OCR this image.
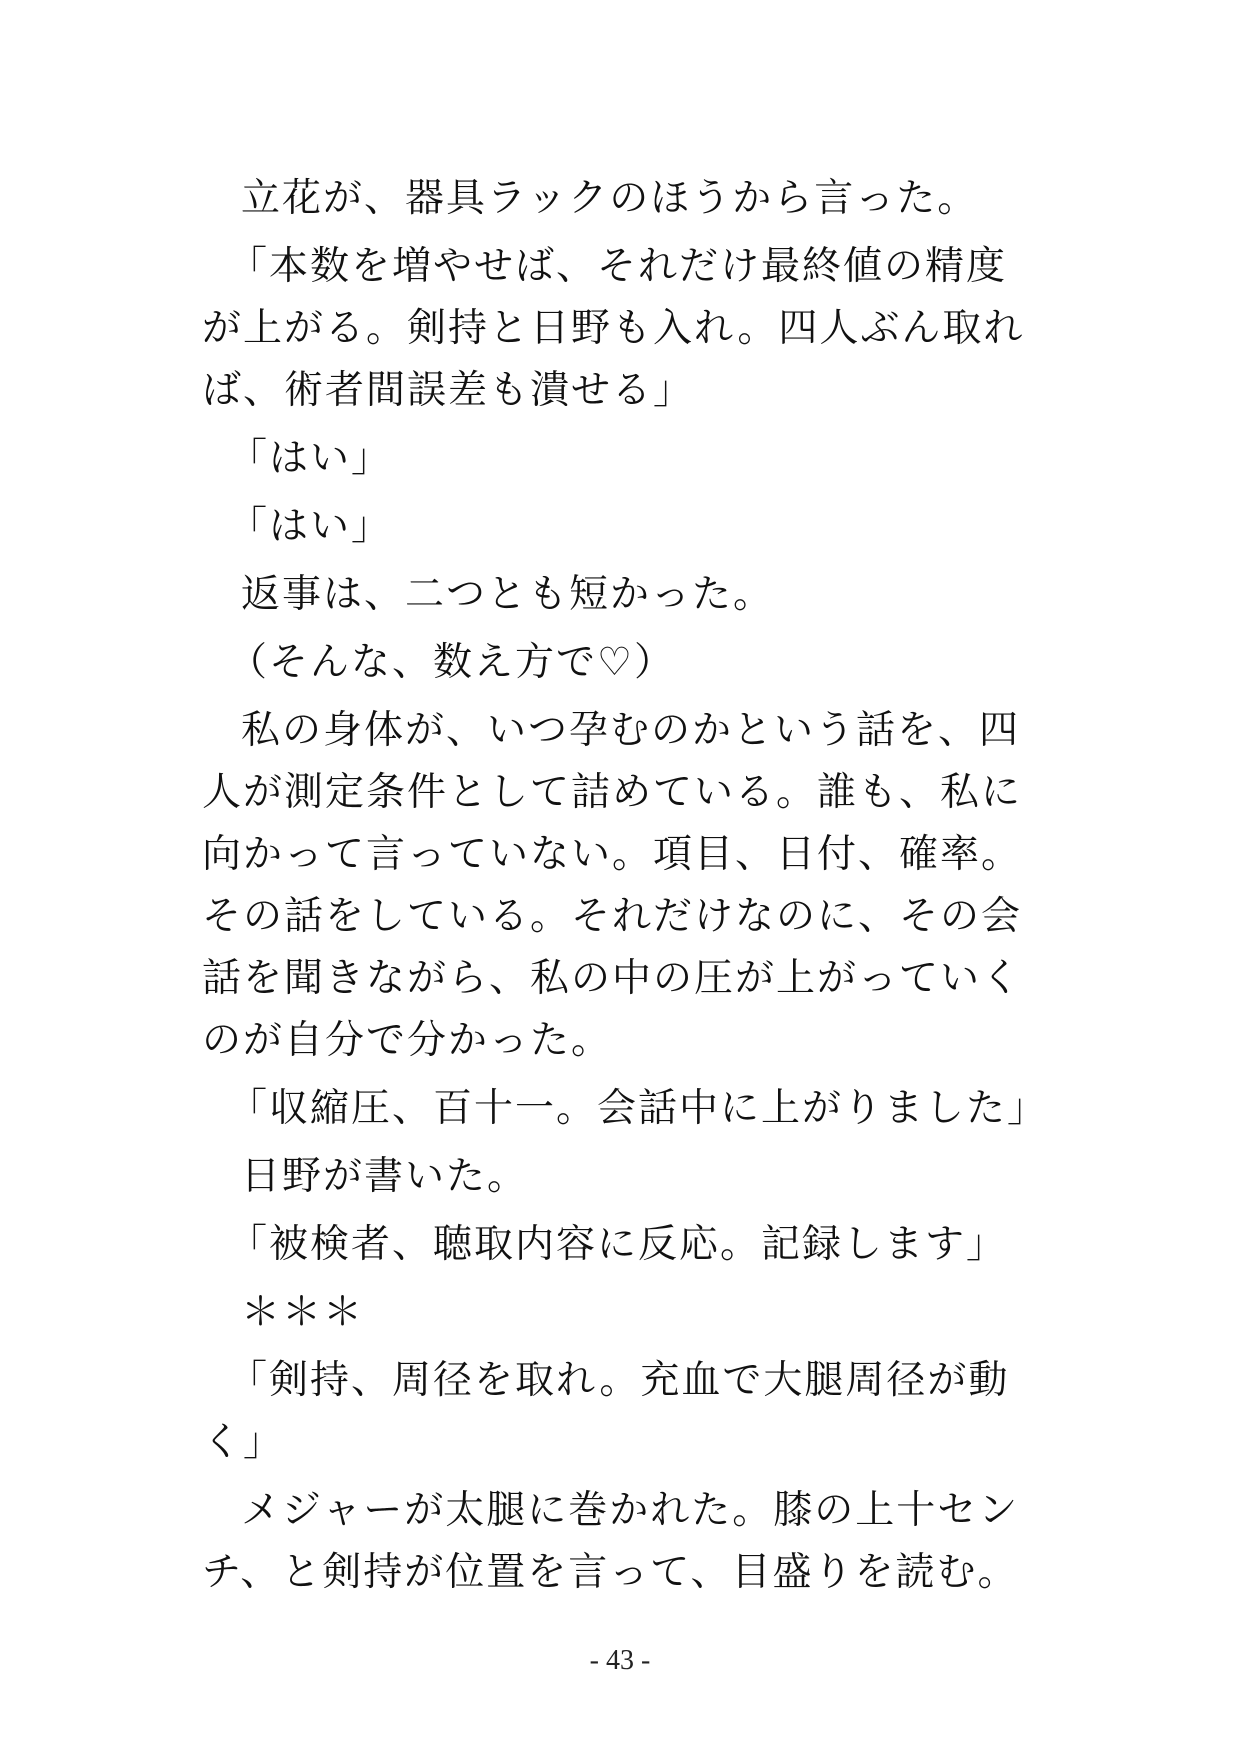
立花が、器具ラックのほうから言った。

「本数を増やせば、それだけ最終値の精度が上がる。剣持と日野も入れ。四人ぶん取れば、術者間誤差も潰せる」

「はい」

「はい」

返事は、二つとも短かった。

（そんな、数え方で♡）

私の身体が、いつ孕むのかという話を、四人が測定条件として詰めている。誰も、私に向かって言っていない。項目、日付、確率。その話をしている。それだけなのに、その会話を聞きながら、私の中の圧が上がっていくのが自分で分かった。

「収縮圧、百十一。会話中に上がりました」

日野が書いた。

「被検者、聴取内容に反応。記録します」

＊＊＊

「剣持、周径を取れ。充血で大腿周径が動く」

メジャーが太腿に巻かれた。膝の上十センチ、と剣持が位置を言って、目盛りを読む。

- 43 -
